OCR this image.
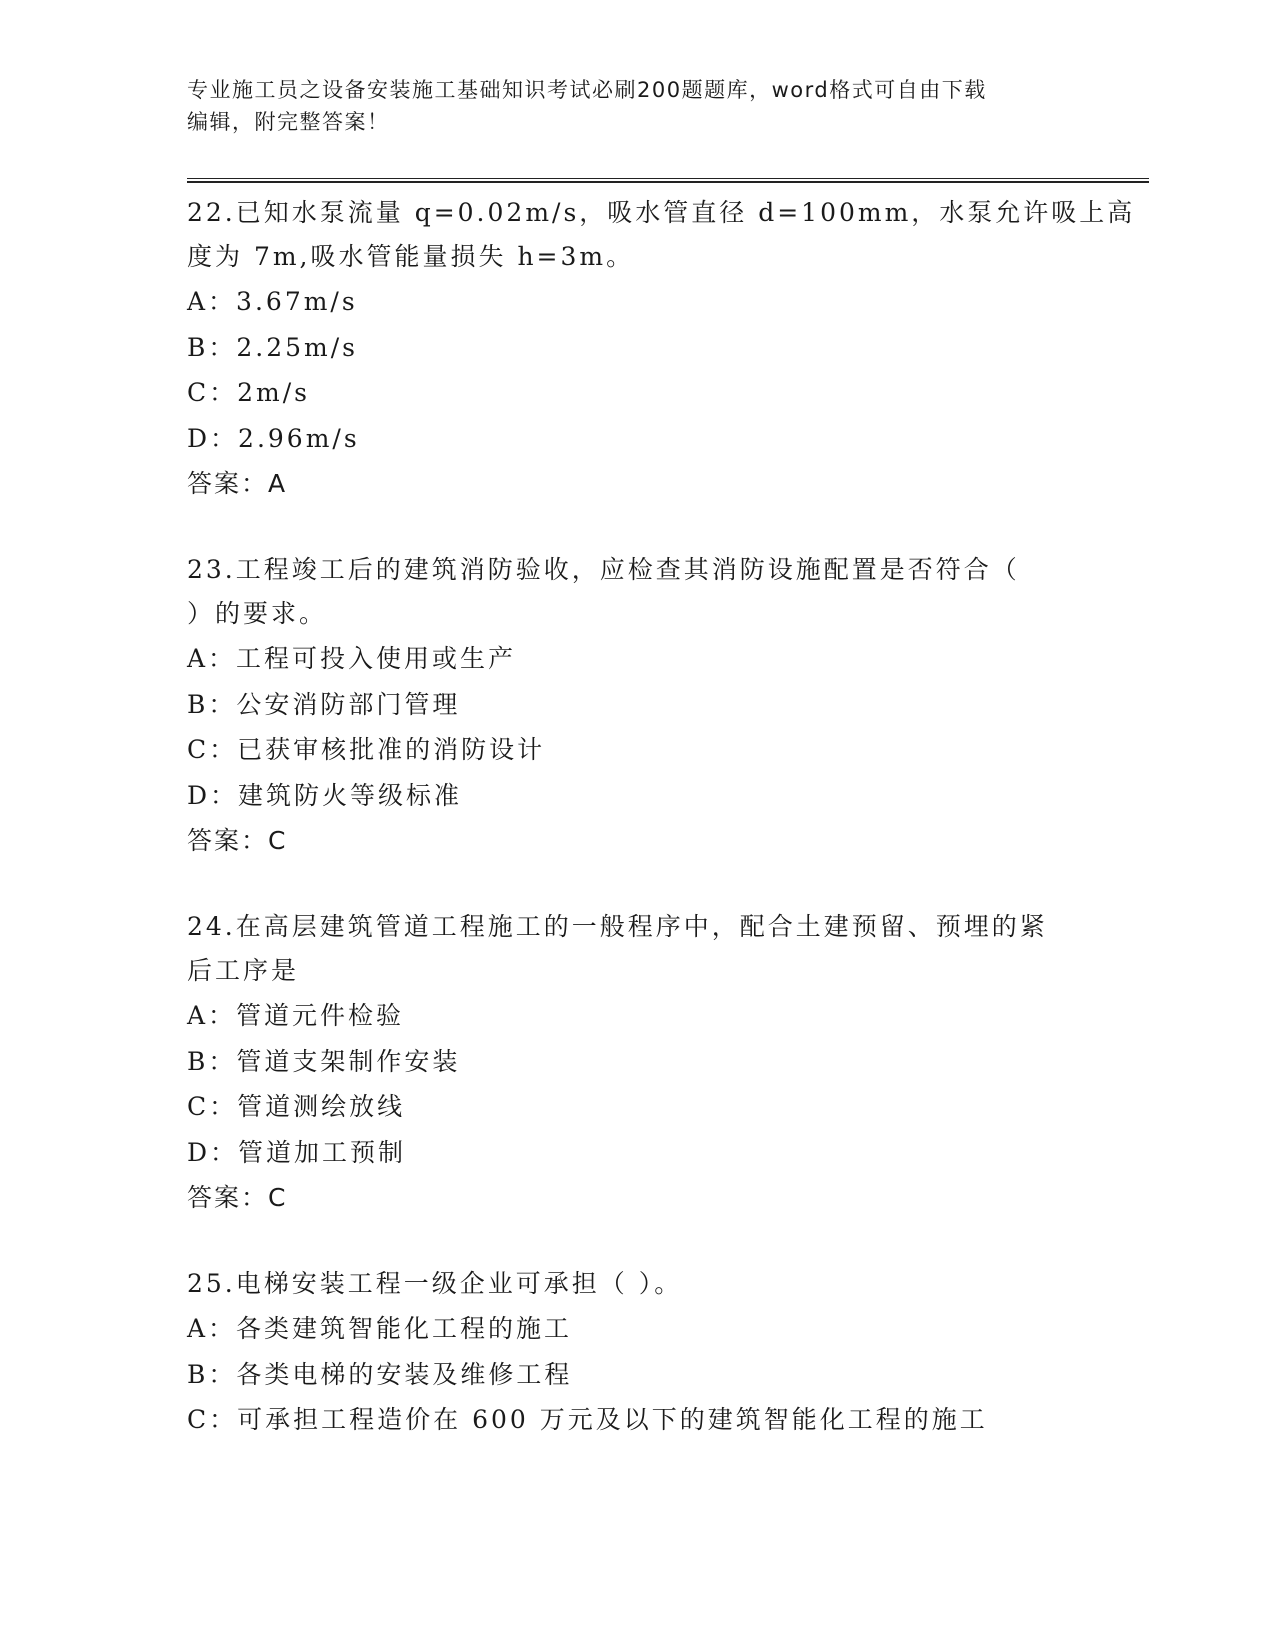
专业施工员之设备安装施工基础知识考试必刷200题题库，word格式可自由下载
编辑，附完整答案！
22.已知水泵流量 q=0.02m/s，吸水管直径 d=100mm，水泵允许吸上高
度为 7m,吸水管能量损失 h=3m。
A：3.67m/s
B：2.25m/s
C：2m/s
D：2.96m/s
答案：A
23.工程竣工后的建筑消防验收，应检查其消防设施配置是否符合（
）的要求。
A：工程可投入使用或生产
B：公安消防部门管理
C：已获审核批准的消防设计
D：建筑防火等级标准
答案：C
24.在高层建筑管道工程施工的一般程序中，配合土建预留、预埋的紧
后工序是
A：管道元件检验
B：管道支架制作安装
C：管道测绘放线
D：管道加工预制
答案：C
25.电梯安装工程一级企业可承担（ ）。
A：各类建筑智能化工程的施工
B：各类电梯的安装及维修工程
C：可承担工程造价在 600 万元及以下的建筑智能化工程的施工
